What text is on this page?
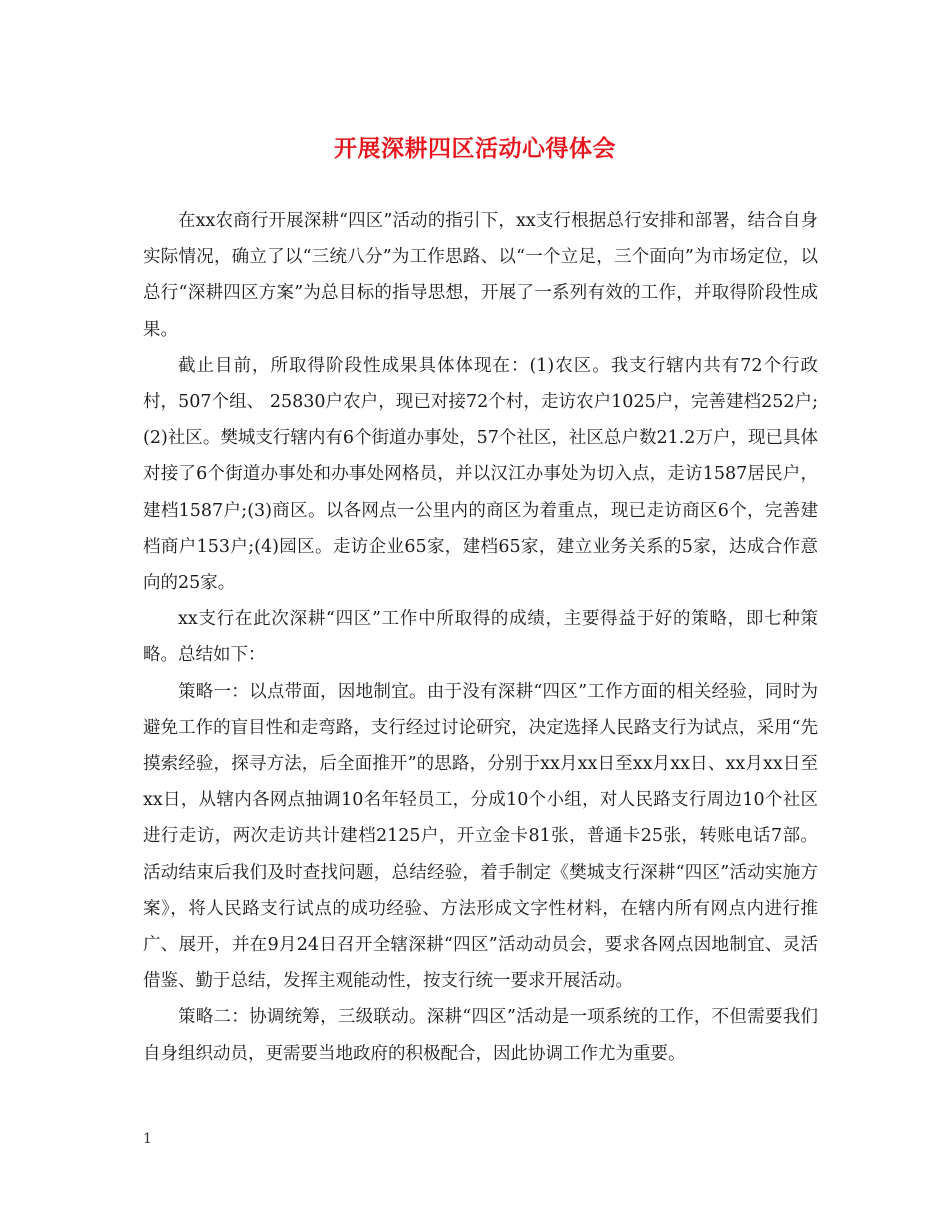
开展深耕四区活动心得体会

在xx农商行开展深耕“四区”活动的指引下，xx支行根据总行安排和部署，结合自身实际情况，确立了以“三统八分”为工作思路、以“一个立足，三个面向”为市场定位，以总行“深耕四区方案”为总目标的指导思想，开展了一系列有效的工作，并取得阶段性成果。

截止目前，所取得阶段性成果具体体现在：(1)农区。我支行辖内共有72个行政村，507个组、 25830户农户，现已对接72个村，走访农户1025户，完善建档252户;(2)社区。樊城支行辖内有6个街道办事处，57个社区，社区总户数21.2万户，现已具体对接了6个街道办事处和办事处网格员，并以汉江办事处为切入点，走访1587居民户，建档1587户;(3)商区。以各网点一公里内的商区为着重点，现已走访商区6个，完善建档商户153户;(4)园区。走访企业65家，建档65家，建立业务关系的5家，达成合作意向的25家。

xx支行在此次深耕“四区”工作中所取得的成绩，主要得益于好的策略，即七种策略。总结如下：

策略一：以点带面，因地制宜。由于没有深耕“四区”工作方面的相关经验，同时为避免工作的盲目性和走弯路，支行经过讨论研究，决定选择人民路支行为试点，采用“先摸索经验，探寻方法，后全面推开”的思路，分别于xx月xx日至xx月xx日、xx月xx日至xx日，从辖内各网点抽调10名年轻员工，分成10个小组，对人民路支行周边10个社区进行走访，两次走访共计建档2125户，开立金卡81张，普通卡25张，转账电话7部。活动结束后我们及时查找问题，总结经验，着手制定《樊城支行深耕“四区”活动实施方案》，将人民路支行试点的成功经验、方法形成文字性材料，在辖内所有网点内进行推广、展开，并在9月24日召开全辖深耕“四区”活动动员会，要求各网点因地制宜、灵活借鉴、勤于总结，发挥主观能动性，按支行统一要求开展活动。

策略二：协调统筹，三级联动。深耕“四区”活动是一项系统的工作，不但需要我们自身组织动员，更需要当地政府的积极配合，因此协调工作尤为重要。

1
